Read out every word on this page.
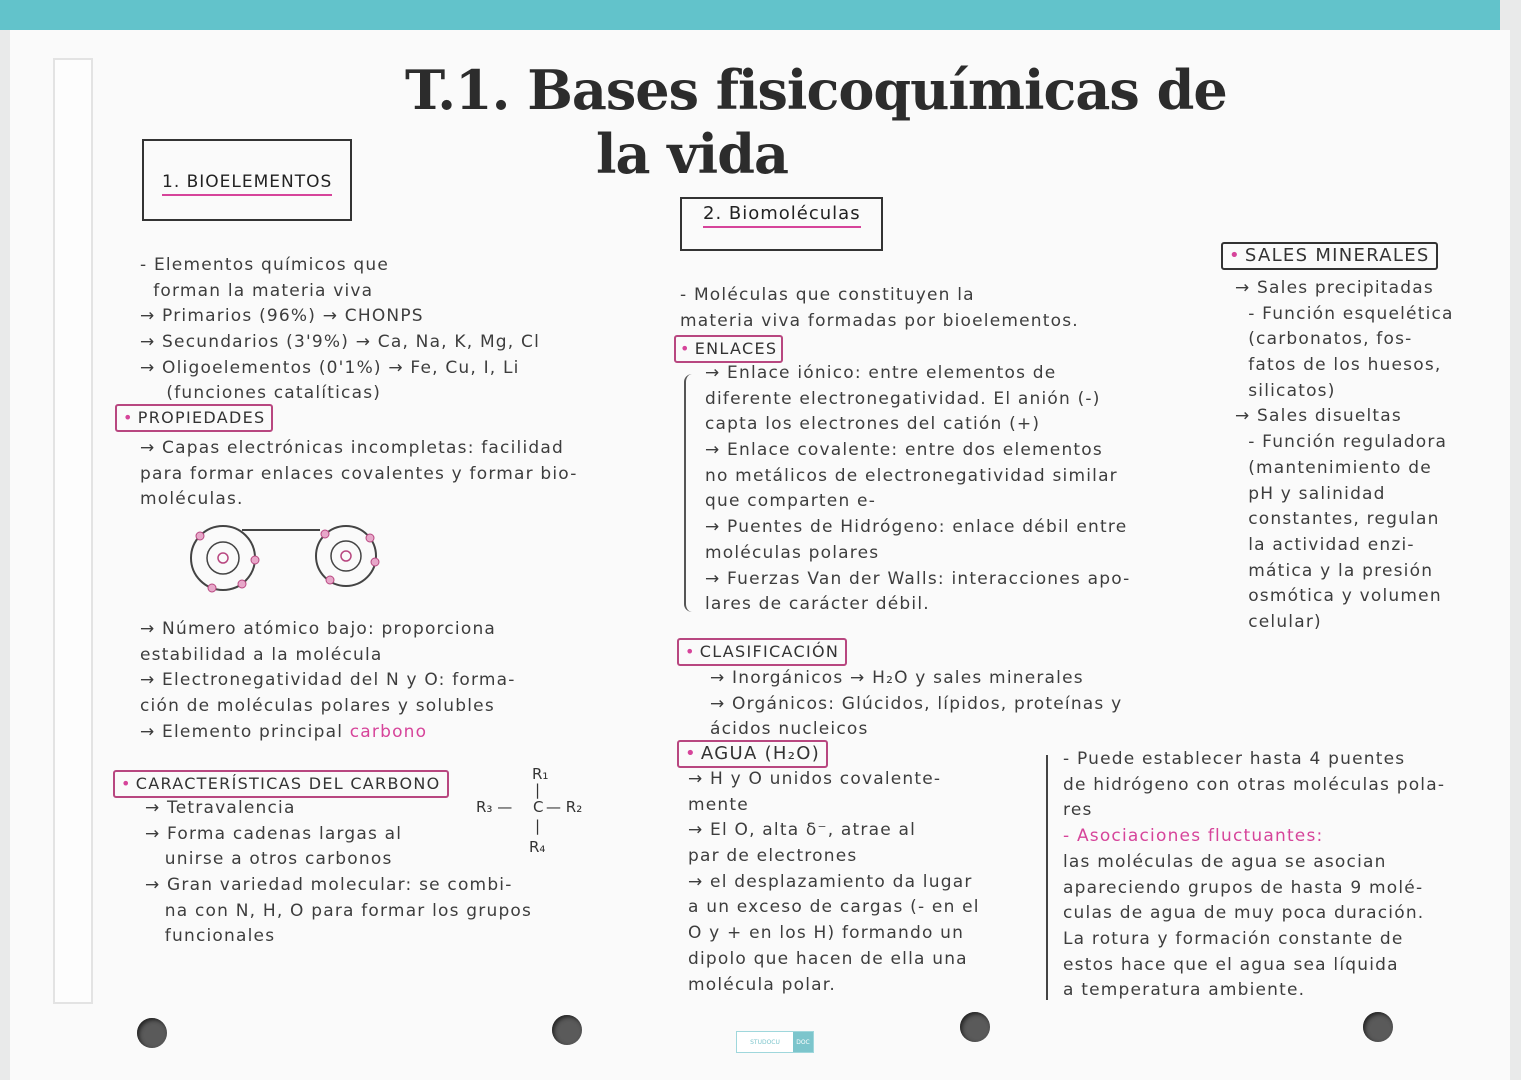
T.1. Bases fisicoquímicas de
la vida
1. BIOELEMENTOS
2. Biomoléculas
- Elementos químicos que
forman la materia viva
→ Primarios (96%) → CHONPS
→ Secundarios (3'9%) → Ca, Na, K, Mg, Cl
→ Oligoelementos (0'1%) → Fe, Cu, I, Li
(funciones catalíticas)
• PROPIEDADES
→ Capas electrónicas incompletas: facilidad
para formar enlaces covalentes y formar bio-
moléculas.
→ Número atómico bajo: proporciona
estabilidad a la molécula
→ Electronegatividad del N y O: forma-
ción de moléculas polares y solubles
→ Elemento principal carbono
• CARACTERÍSTICAS DEL CARBONO
→ Tetravalencia
→ Forma cadenas largas al
unirse a otros carbonos
→ Gran variedad molecular: se combi-
na con N, H, O para formar los grupos
funcionales
R₁
|
R₃ — C — R₂
|
R₄
- Moléculas que constituyen la
materia viva formadas por bioelementos.
• ENLACES
→ Enlace iónico: entre elementos de
diferente electronegatividad. El anión (-)
capta los electrones del catión (+)
→ Enlace covalente: entre dos elementos
no metálicos de electronegatividad similar
que comparten e-
→ Puentes de Hidrógeno: enlace débil entre
moléculas polares
→ Fuerzas Van der Walls: interacciones apo-
lares de carácter débil.
• CLASIFICACIÓN
→ Inorgánicos → H₂O y sales minerales
→ Orgánicos: Glúcidos, lípidos, proteínas y
ácidos nucleicos
• AGUA (H₂O)
→ H y O unidos covalente-
mente
→ El O, alta δ⁻, atrae al
par de electrones
→ el desplazamiento da lugar
a un exceso de cargas (- en el
O y + en los H) formando un
dipolo que hacen de ella una
molécula polar.
• SALES MINERALES
→ Sales precipitadas
- Función esquelética
(carbonatos, fos-
fatos de los huesos,
silicatos)
→ Sales disueltas
- Función reguladora
(mantenimiento de
pH y salinidad
constantes, regulan
la actividad enzi-
mática y la presión
osmótica y volumen
celular)
- Puede establecer hasta 4 puentes
de hidrógeno con otras moléculas pola-
res
- Asociaciones fluctuantes:
las moléculas de agua se asocian
apareciendo grupos de hasta 9 molé-
culas de agua de muy poca duración.
La rotura y formación constante de
estos hace que el agua sea líquida
a temperatura ambiente.
STUDOCU	DOC
